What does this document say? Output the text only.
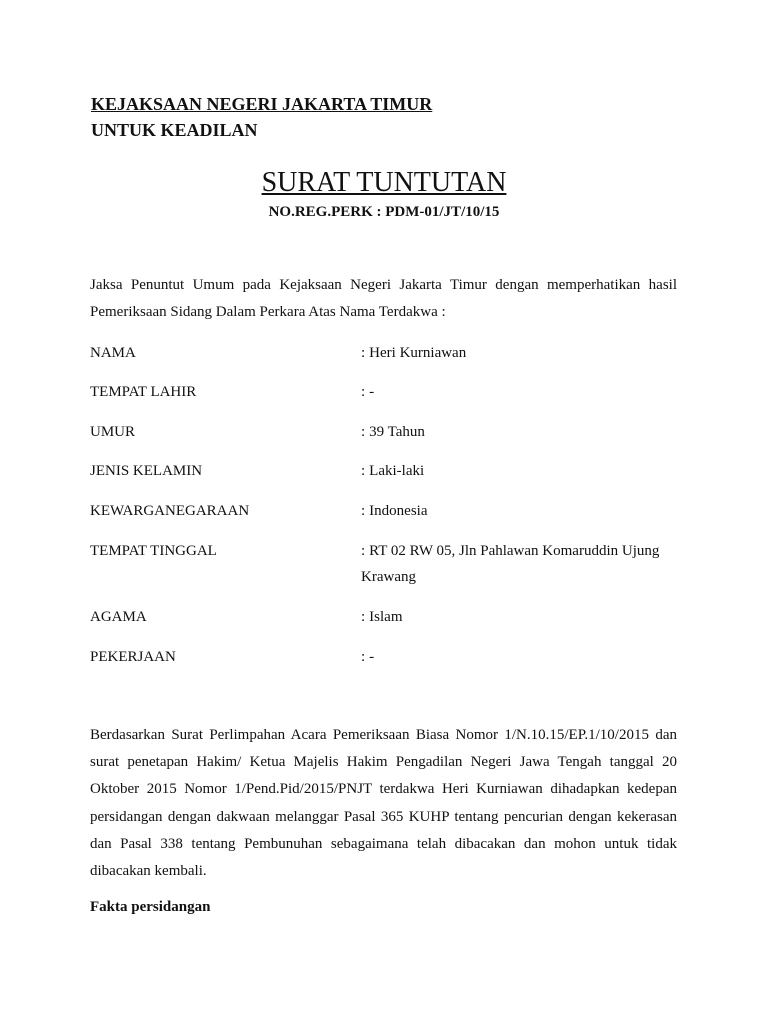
KEJAKSAAN NEGERI JAKARTA TIMUR
UNTUK KEADILAN
SURAT TUNTUTAN
NO.REG.PERK : PDM-01/JT/10/15

Jaksa Penuntut Umum pada Kejaksaan Negeri Jakarta Timur dengan memperhatikan hasil Pemeriksaan Sidang Dalam Perkara Atas Nama Terdakwa :

NAMA	: Heri Kurniawan
TEMPAT LAHIR	: -
UMUR	: 39 Tahun
JENIS KELAMIN	: Laki-laki
KEWARGANEGARAAN	: Indonesia
TEMPAT TINGGAL	: RT 02 RW 05, Jln Pahlawan Komaruddin Ujung Krawang
AGAMA	: Islam
PEKERJAAN	: -

Berdasarkan Surat Perlimpahan Acara Pemeriksaan Biasa Nomor 1/N.10.15/EP.1/10/2015 dan surat penetapan Hakim/ Ketua Majelis Hakim Pengadilan Negeri Jawa Tengah tanggal 20 Oktober 2015 Nomor 1/Pend.Pid/2015/PNJT terdakwa Heri Kurniawan dihadapkan kedepan persidangan dengan dakwaan melanggar Pasal 365 KUHP tentang pencurian dengan kekerasan dan Pasal 338 tentang Pembunuhan sebagaimana telah dibacakan dan mohon untuk tidak dibacakan kembali.

Fakta persidangan
